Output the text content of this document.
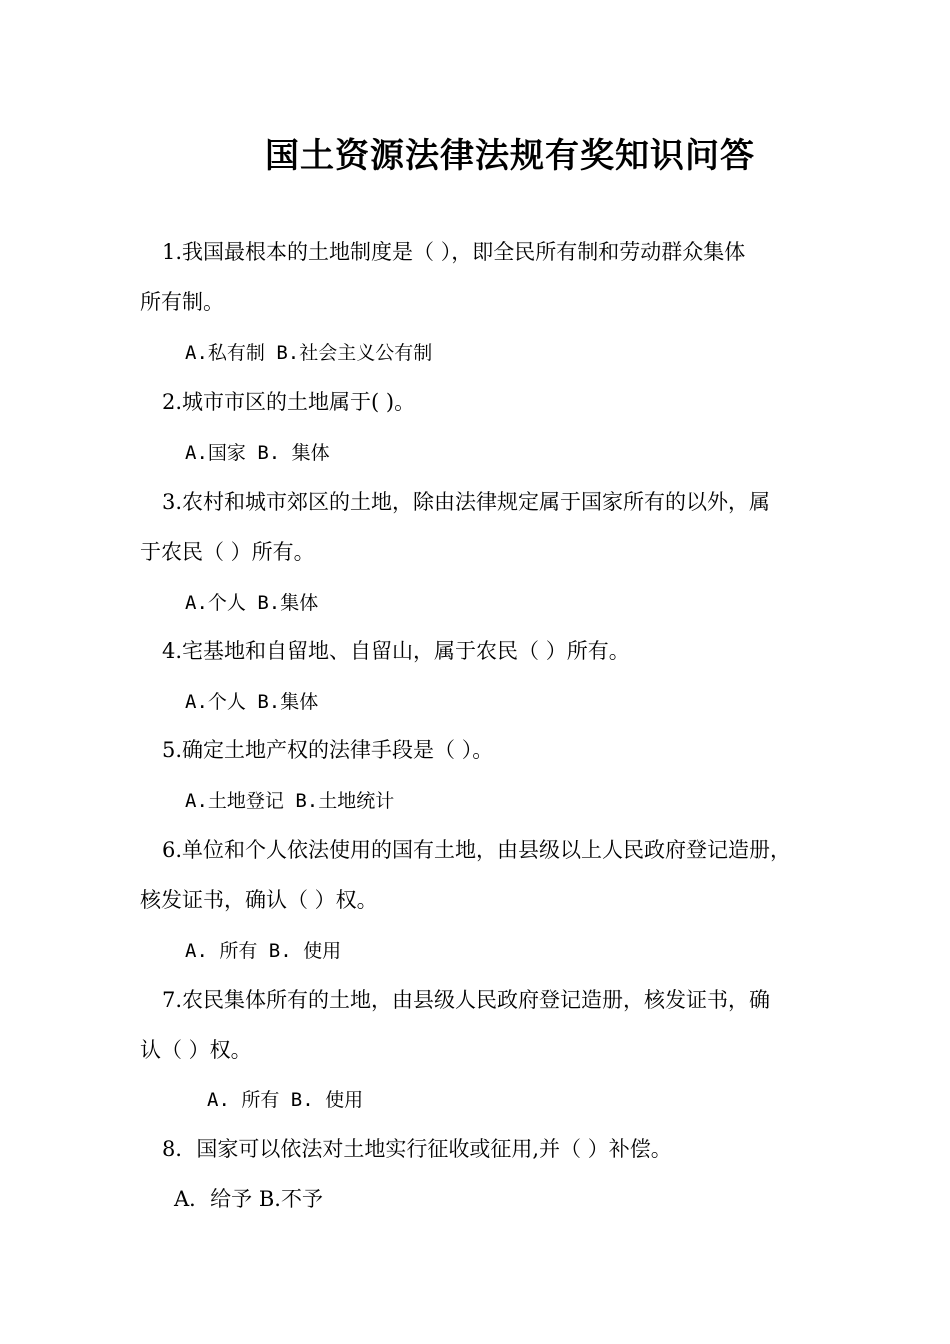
国土资源法律法规有奖知识问答
1.我国最根本的土地制度是（ ），即全民所有制和劳动群众集体
所有制。
A.私有制 B.社会主义公有制
2.城市市区的土地属于( )。
A.国家 B. 集体
3.农村和城市郊区的土地，除由法律规定属于国家所有的以外，属
于农民（ ）所有。
A.个人 B.集体
4.宅基地和自留地、自留山，属于农民（ ）所有。
A.个人 B.集体
5.确定土地产权的法律手段是（ ）。
A.土地登记 B.土地统计
6.单位和个人依法使用的国有土地，由县级以上人民政府登记造册，
核发证书，确认（ ）权。
A. 所有 B. 使用
7.农民集体所有的土地，由县级人民政府登记造册，核发证书，确
认（ ）权。
A. 所有 B. 使用
8．国家可以依法对土地实行征收或征用,并（ ）补偿。
A．给予 B.不予
